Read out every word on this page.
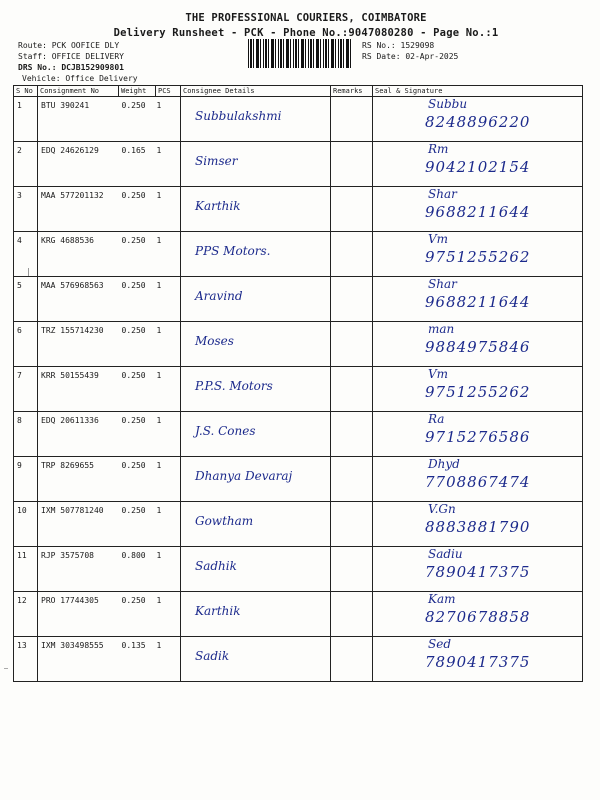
THE PROFESSIONAL COURIERS, COIMBATORE
Delivery Runsheet - PCK - Phone No.:9047080280 - Page No.:1
Route: PCK OOFICE DLY
Staff: OFFICE DELIVERY
DRS No.: DCJB152909801
Vehicle: Office Delivery
RS No.: 1529098
RS Date: 02-Apr-2025
S No	Consignment No	Weight	PCS	Consignee Details	Remarks	Seal & Signature
1	BTU 390241	0.250	1	Subbulakshmi		Subbu
8248896220

2	EDQ 24626129	0.165	1	Simser		Rm
9042102154

3	MAA 577201132	0.250	1	Karthik		Shar
9688211644

4	KRG 4688536	0.250	1	PPS Motors.		Vm
9751255262

5	MAA 576968563	0.250	1	Aravind		Shar
9688211644

6	TRZ 155714230	0.250	1	Moses		man
9884975846

7	KRR 50155439	0.250	1	P.P.S. Motors		Vm
9751255262

8	EDQ 20611336	0.250	1	J.S. Cones		Ra
9715276586

9	TRP 8269655	0.250	1	Dhanya Devaraj		Dhyd
7708867474

10	IXM 507781240	0.250	1	Gowtham		V.Gn
8883881790

11	RJP 3575708	0.800	1	Sadhik		Sadiu
7890417375

12	PRO 17744305	0.250	1	Karthik		Kam
8270678858

13	IXM 303498555	0.135	1	Sadik		Sed
7890417375
